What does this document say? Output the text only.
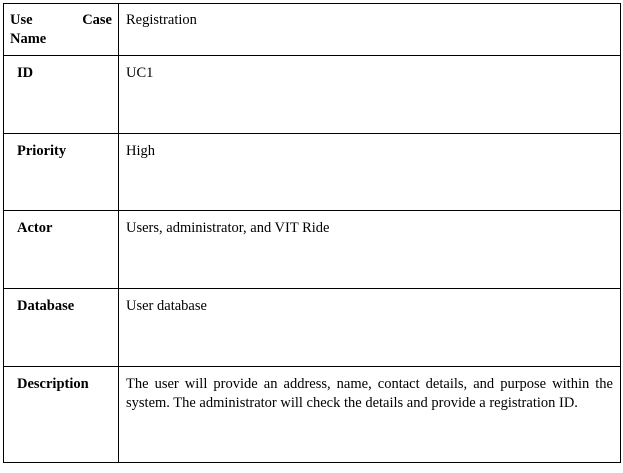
Use Case
Name	Registration

ID	UC1

Priority	High

Actor	Users, administrator, and VIT Ride

Database	User database

Description	The user will provide an address, name, contact details, and purpose within the system. The administrator will check the details and provide a registration ID.
